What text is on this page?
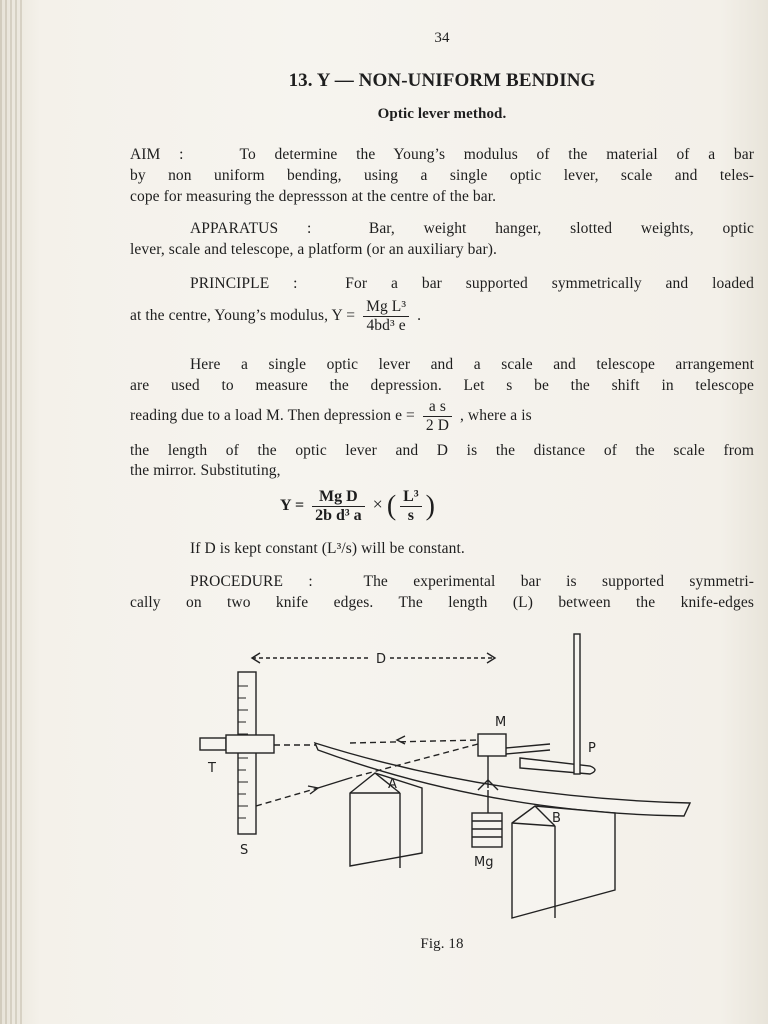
34
13. Y — NON-UNIFORM BENDING
Optic lever method.
AIM :	To determine the Young’s modulus of the material of a bar
by non uniform bending, using a single optic lever, scale and teles-
cope for measuring the depressson at the centre of the bar.
APPARATUS :	Bar, weight hanger, slotted weights, optic
lever, scale and telescope, a platform (or an auxiliary bar).
PRINCIPLE :	For a bar supported symmetrically and loaded
at the centre, Young’s modulus, $Y = \frac{\text{Mg L³}}{\text{4bd³ e}}$ .
Here a single optic lever and a scale and telescope arrangement
are used to measure the depression. Let s be the shift in telescope
reading due to a load M. Then depression $e = \frac{\text{a s}}{2 D}$ , where a is
the length of the optic lever and D is the distance of the scale from
the mirror. Substituting,
$Y = \frac{\text{Mg D}}{\text{2b d³ a}}$ × ( $\frac{\text{L³}}{s}$ )
If D is kept constant (L³/s) will be constant.
PROCEDURE :	The experimental bar is supported symmetri-
cally on two knife edges. The length (L) between the knife-edges
D
M
P
T
A
B
S
Mg
Fig. 18
